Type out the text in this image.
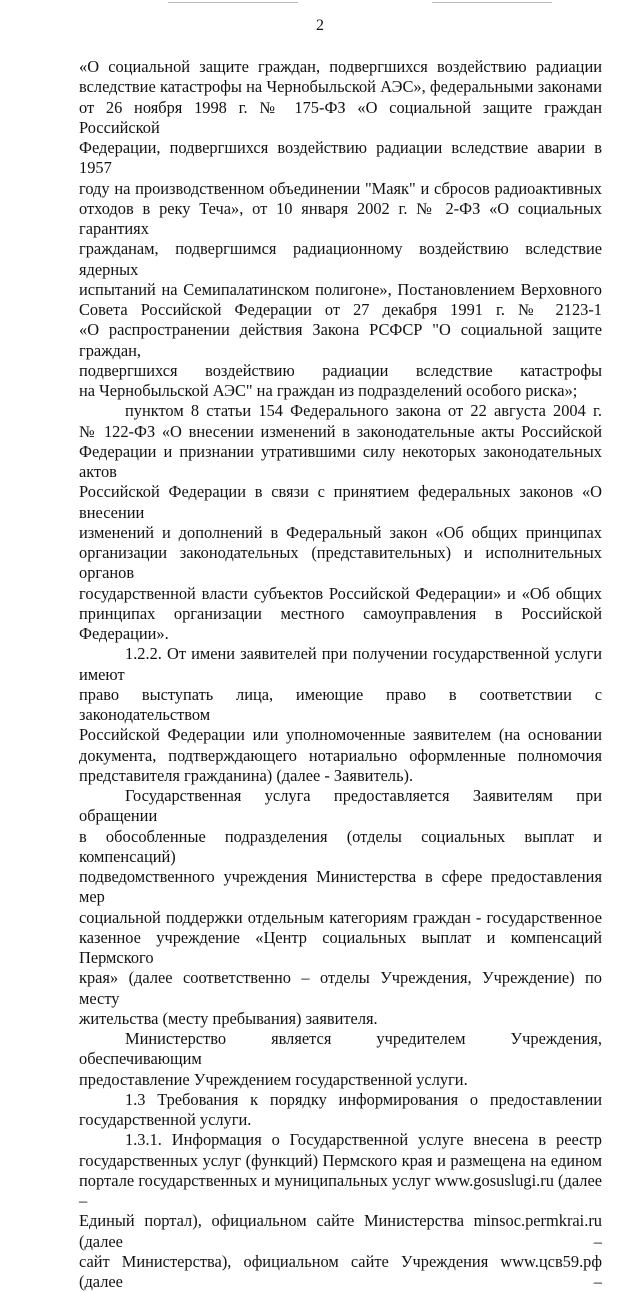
2
«О социальной защите граждан, подвергшихся воздействию радиации
вследствие катастрофы на Чернобыльской АЭС», федеральными законами
от 26 ноября 1998 г. № 175-ФЗ «О социальной защите граждан Российской
Федерации, подвергшихся воздействию радиации вследствие аварии в 1957
году на производственном объединении "Маяк" и сбросов радиоактивных
отходов в реку Теча», от 10 января 2002 г. № 2-ФЗ «О социальных гарантиях
гражданам, подвергшимся радиационному воздействию вследствие ядерных
испытаний на Семипалатинском полигоне», Постановлением Верховного
Совета Российской Федерации от 27 декабря 1991 г. № 2123-1
«О распространении действия Закона РСФСР "О социальной защите граждан,
подвергшихся воздействию радиации вследствие катастрофы
на Чернобыльской АЭС" на граждан из подразделений особого риска»;
пунктом 8 статьи 154 Федерального закона от 22 августа 2004 г.
№ 122-ФЗ «О внесении изменений в законодательные акты Российской
Федерации и признании утратившими силу некоторых законодательных актов
Российской Федерации в связи с принятием федеральных законов «О внесении
изменений и дополнений в Федеральный закон «Об общих принципах
организации законодательных (представительных) и исполнительных органов
государственной власти субъектов Российской Федерации» и «Об общих
принципах организации местного самоуправления в Российской Федерации».
1.2.2. От имени заявителей при получении государственной услуги имеют
право выступать лица, имеющие право в соответствии с законодательством
Российской Федерации или уполномоченные заявителем (на основании
документа, подтверждающего нотариально оформленные полномочия
представителя гражданина) (далее - Заявитель).
Государственная услуга предоставляется Заявителям при обращении
в обособленные подразделения (отделы социальных выплат и компенсаций)
подведомственного учреждения Министерства в сфере предоставления мер
социальной поддержки отдельным категориям граждан - государственное
казенное учреждение «Центр социальных выплат и компенсаций Пермского
края» (далее соответственно – отделы Учреждения, Учреждение) по месту
жительства (месту пребывания) заявителя.
Министерство является учредителем Учреждения, обеспечивающим
предоставление Учреждением государственной услуги.
1.3 Требования к порядку информирования о предоставлении
государственной услуги.
1.3.1. Информация о Государственной услуге внесена в реестр
государственных услуг (функций) Пермского края и размещена на едином
портале государственных и муниципальных услуг www.gosuslugi.ru (далее –
Единый портал), официальном сайте Министерства minsoc.permkrai.ru (далее –
сайт Министерства), официальном сайте Учреждения www.цсв59.рф (далее –
